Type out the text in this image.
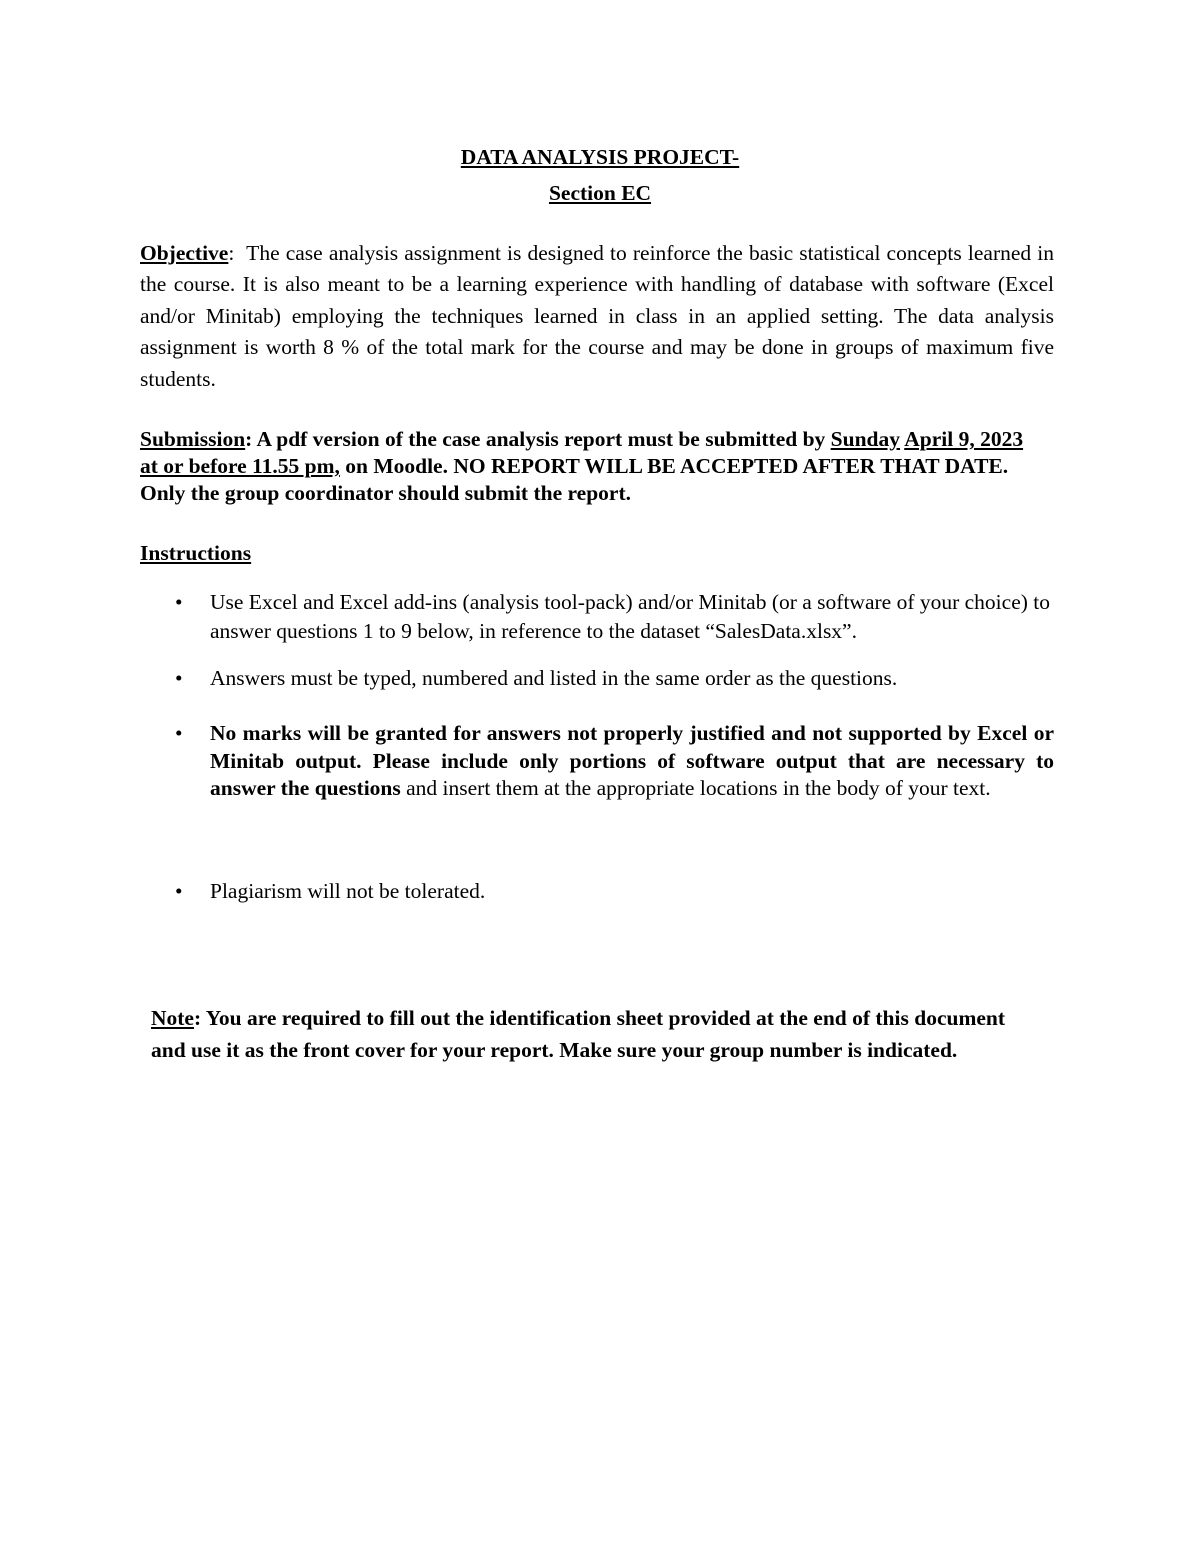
DATA ANALYSIS PROJECT-
Section EC
Objective:  The case analysis assignment is designed to reinforce the basic statistical concepts learned in the course. It is also meant to be a learning experience with handling of database with software (Excel and/or Minitab) employing the techniques learned in class in an applied setting. The data analysis assignment is worth 8 % of the total mark for the course and may be done in groups of maximum five students.
Submission: A pdf version of the case analysis report must be submitted by Sunday April 9, 2023 at or before 11.55 pm, on Moodle. NO REPORT WILL BE ACCEPTED AFTER THAT DATE. Only the group coordinator should submit the report.
Instructions
•	Use Excel and Excel add-ins (analysis tool-pack) and/or Minitab (or a software of your choice) to answer questions 1 to 9 below, in reference to the dataset “SalesData.xlsx”.
•	Answers must be typed, numbered and listed in the same order as the questions.
•	No marks will be granted for answers not properly justified and not supported by Excel or Minitab output. Please include only portions of software output that are necessary to answer the questions and insert them at the appropriate locations in the body of your text.
•	Plagiarism will not be tolerated.
Note: You are required to fill out the identification sheet provided at the end of this document and use it as the front cover for your report. Make sure your group number is indicated.
